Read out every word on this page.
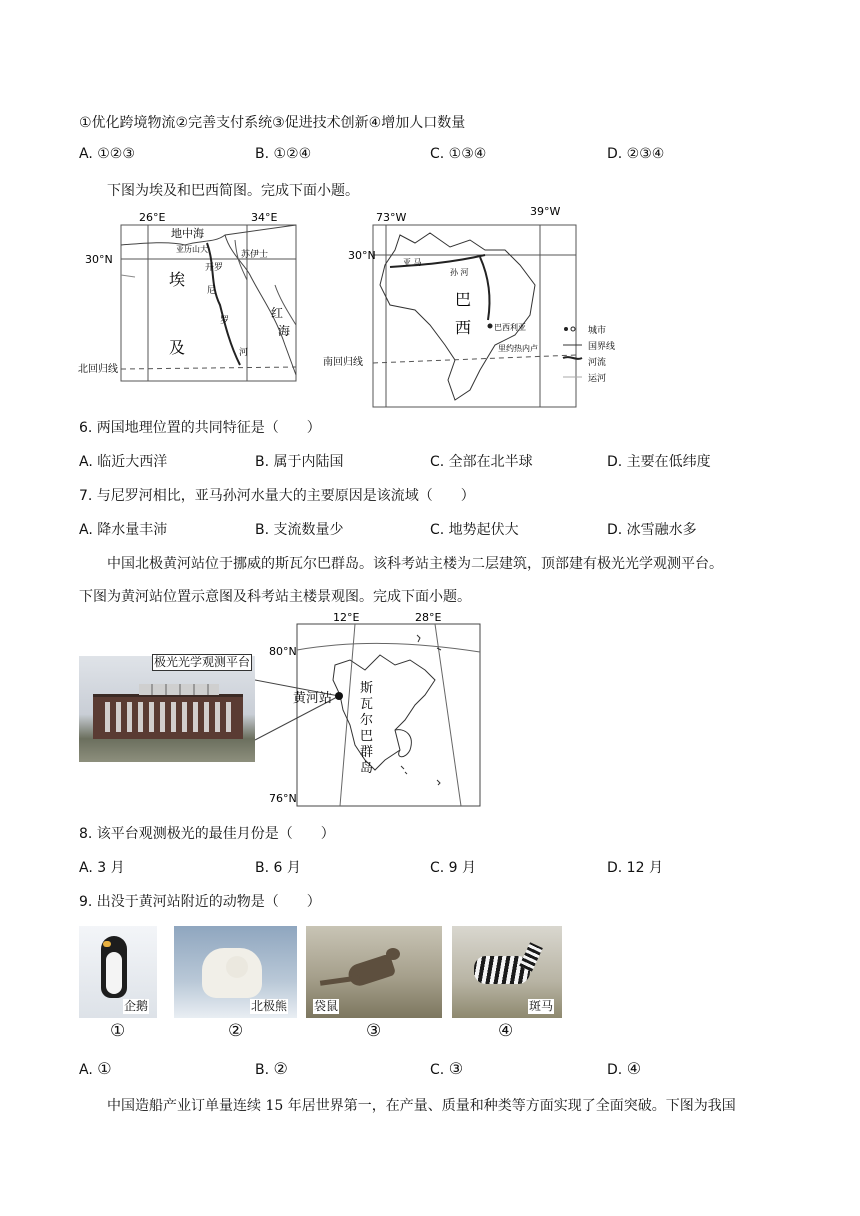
①优化跨境物流②完善支付系统③促进技术创新④增加人口数量
A. ①②③	B. ①②④	C. ①③④	D. ②③④
下图为埃及和巴西简图。完成下面小题。
26°E	34°E
30°N
地中海
亚历山大
开罗
苏伊士
埃
及
尼
罗
河
红
海
北回归线
73°W	39°W
30°N
亚 马
孙 河
巴
西	巴西利亚
里约热内卢
南回归线
城市
国界线
河流
运河
6. 两国地理位置的共同特征是（　　）
A. 临近大西洋	B. 属于内陆国	C. 全部在北半球	D. 主要在低纬度
7. 与尼罗河相比，亚马孙河水量大的主要原因是该流域（　　）
A. 降水量丰沛	B. 支流数量少	C. 地势起伏大	D. 冰雪融水多
中国北极黄河站位于挪威的斯瓦尔巴群岛。该科考站主楼为二层建筑，顶部建有极光光学观测平台。
下图为黄河站位置示意图及科考站主楼景观图。完成下面小题。
极光光学观测平台
12°E	28°E
80°N
76°N
黄河站
斯
瓦
尔
巴
群
岛
8. 该平台观测极光的最佳月份是（　　）
A. 3 月	B. 6 月	C. 9 月	D. 12 月
9. 出没于黄河站附近的动物是（　　）
企鹅	北极熊 袋鼠	斑马
①	②	③	④
A. ①	B. ②	C. ③	D. ④
中国造船产业订单量连续 15 年居世界第一，在产量、质量和种类等方面实现了全面突破。下图为我国
